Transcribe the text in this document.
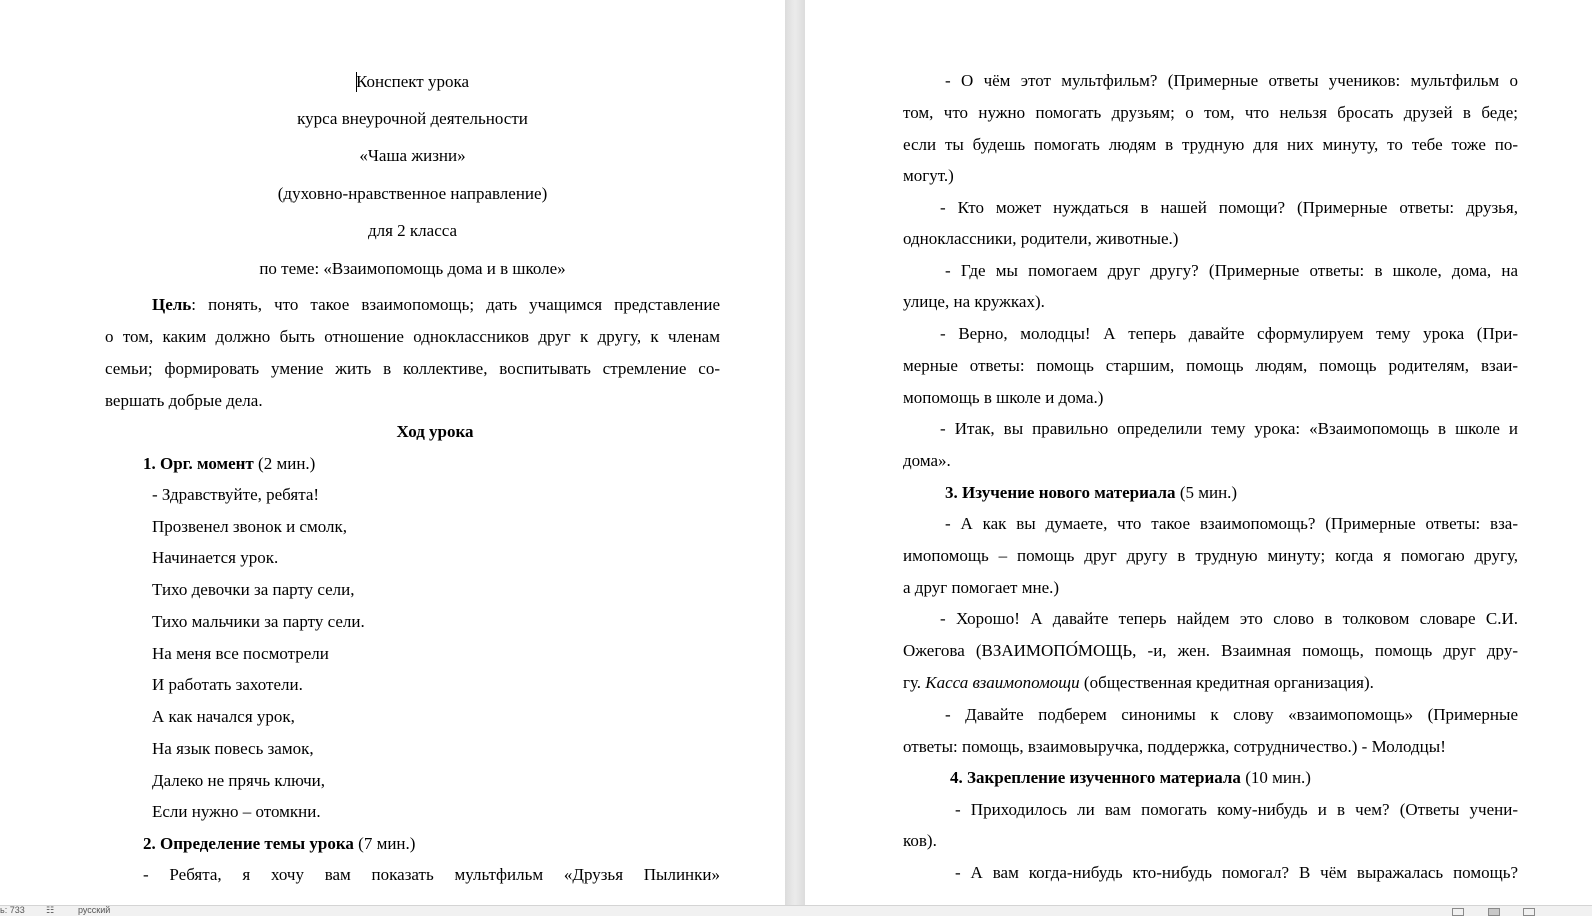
Конспект урока
курса внеурочной деятельности
«Чаша жизни»
(духовно-нравственное направление)
для 2 класса
по теме: «Взаимопомощь дома и в школе»
Цель: понять, что такое взаимопомощь; дать учащимся представление
о том, каким должно быть отношение одноклассников друг к другу, к членам
семьи; формировать умение жить в коллективе, воспитывать стремление со-
вершать добрые дела.
Ход урока
1. Орг. момент (2 мин.)
- Здравствуйте, ребята!
Прозвенел звонок и смолк,
Начинается урок.
Тихо девочки за парту сели,
Тихо мальчики за парту сели.
На меня все посмотрели
И работать захотели.
А как начался урок,
На язык повесь замок,
Далеко не прячь ключи,
Если нужно – отомкни.
2. Определение темы урока (7 мин.)
- Ребята, я хочу вам показать мультфильм «Друзья Пылинки»
- О чём этот мультфильм? (Примерные ответы учеников: мультфильм о
том, что нужно помогать друзьям; о том, что нельзя бросать друзей в беде;
если ты будешь помогать людям в трудную для них минуту, то тебе тоже по-
могут.)
- Кто может нуждаться в нашей помощи? (Примерные ответы: друзья,
одноклассники, родители, животные.)
- Где мы помогаем друг другу? (Примерные ответы: в школе, дома, на
улице, на кружках).
- Верно, молодцы! А теперь давайте сформулируем тему урока (При-
мерные ответы: помощь старшим, помощь людям, помощь родителям, взаи-
мопомощь в школе и дома.)
- Итак, вы правильно определили тему урока: «Взаимопомощь в школе и
дома».
3. Изучение нового материала (5 мин.)
- А как вы думаете, что такое взаимопомощь? (Примерные ответы: вза-
имопомощь – помощь друг другу в трудную минуту; когда я помогаю другу,
а друг помогает мне.)
- Хорошо! А давайте теперь найдем это слово в толковом словаре С.И.
Ожегова (ВЗАИМОПО́МОЩЬ, -и, жен. Взаимная помощь, помощь друг дру-
гу. Касса взаимопомощи (общественная кредитная организация).
- Давайте подберем синонимы к слову «взаимопомощь» (Примерные
ответы: помощь, взаимовыручка, поддержка, сотрудничество.) - Молодцы!
4. Закрепление изученного материала (10 мин.)
- Приходилось ли вам помогать кому-нибудь и в чем? (Ответы учени-
ков).
- А вам когда-нибудь кто-нибудь помогал? В чём выражалась помощь?
ь: 733 ☷	русский
